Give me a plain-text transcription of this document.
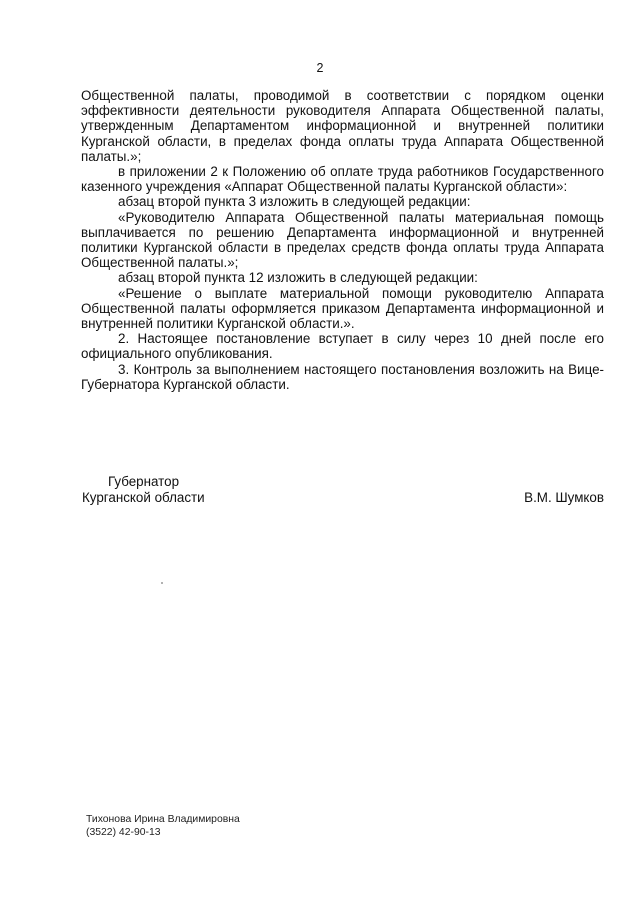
2

Общественной палаты, проводимой в соответствии с порядком оценки эффективности деятельности руководителя Аппарата Общественной палаты, утвержденным Департаментом информационной и внутренней политики Курганской области, в пределах фонда оплаты труда Аппарата Общественной палаты.»;

в приложении 2 к Положению об оплате труда работников Государственного казенного учреждения «Аппарат Общественной палаты Курганской области»:

абзац второй пункта 3 изложить в следующей редакции:

«Руководителю Аппарата Общественной палаты материальная помощь выплачивается по решению Департамента информационной и внутренней политики Курганской области в пределах средств фонда оплаты труда Аппарата Общественной палаты.»;

абзац второй пункта 12 изложить в следующей редакции:

«Решение о выплате материальной помощи руководителю Аппарата Общественной палаты оформляется приказом Департамента информационной и внутренней политики Курганской области.».

2. Настоящее постановление вступает в силу через 10 дней после его официального опубликования.

3. Контроль за выполнением настоящего постановления возложить на Вице-Губернатора Курганской области.

Губернатор
Курганской области	В.М. Шумков
Тихонова Ирина Владимировна
(3522) 42-90-13
